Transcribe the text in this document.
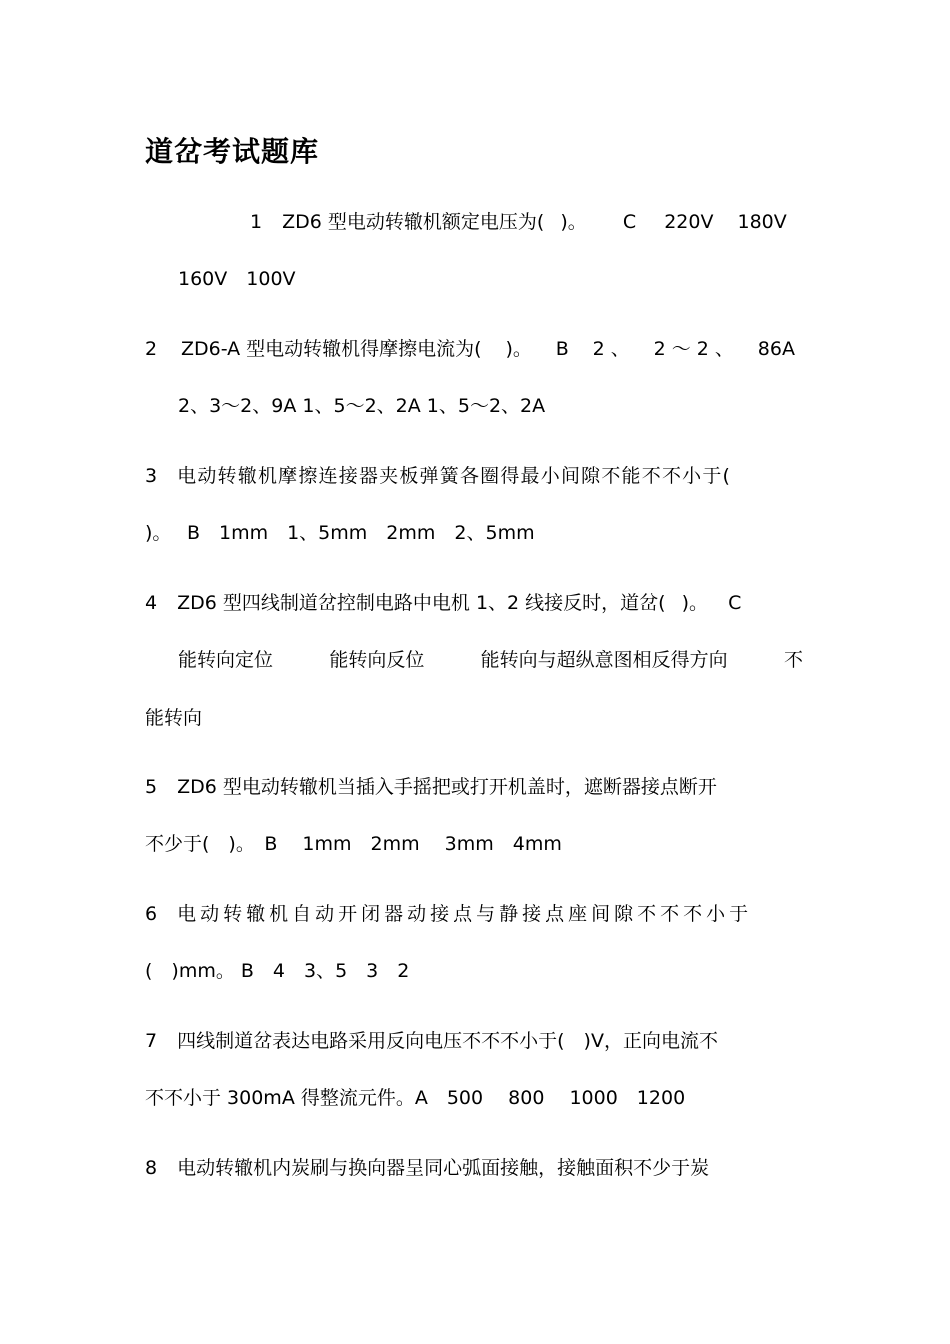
道岔考试题库
1 ZD6 型电动转辙机额定电压为( )。 C 220V 180V
160V　100V
2 ZD6-A 型电动转辙机得摩擦电流为( )。 B 2 、 2 ～ 2 、 86A
2、3～2、9A 1、5～2、2A 1、5～2、2A
3 电动转辙机摩擦连接器夹板弹簧各圈得最小间隙不能不不小于(
)。　 B　1mm　1、5mm　2mm　2、5mm
4 ZD6 型四线制道岔控制电路中电机 1、2 线接反时，道岔( )。 C
能转向定位	能转向反位	能转向与超纵意图相反得方向	不
能转向
5 ZD6 型电动转辙机当插入手摇把或打开机盖时，遮断器接点断开
不少于(　)。　B　 1mm　2mm　 3mm　4mm
6 电动转辙机自动开闭器动接点与静接点座间隙不不不小于
(　)mm。 B　4　3、5　3　2
7 四线制道岔表达电路采用反向电压不不不小于(　)V，正向电流不
不不小于 300mA 得整流元件。A　500　 800　 1000　1200
8 电动转辙机内炭刷与换向器呈同心弧面接触，接触面积不少于炭
